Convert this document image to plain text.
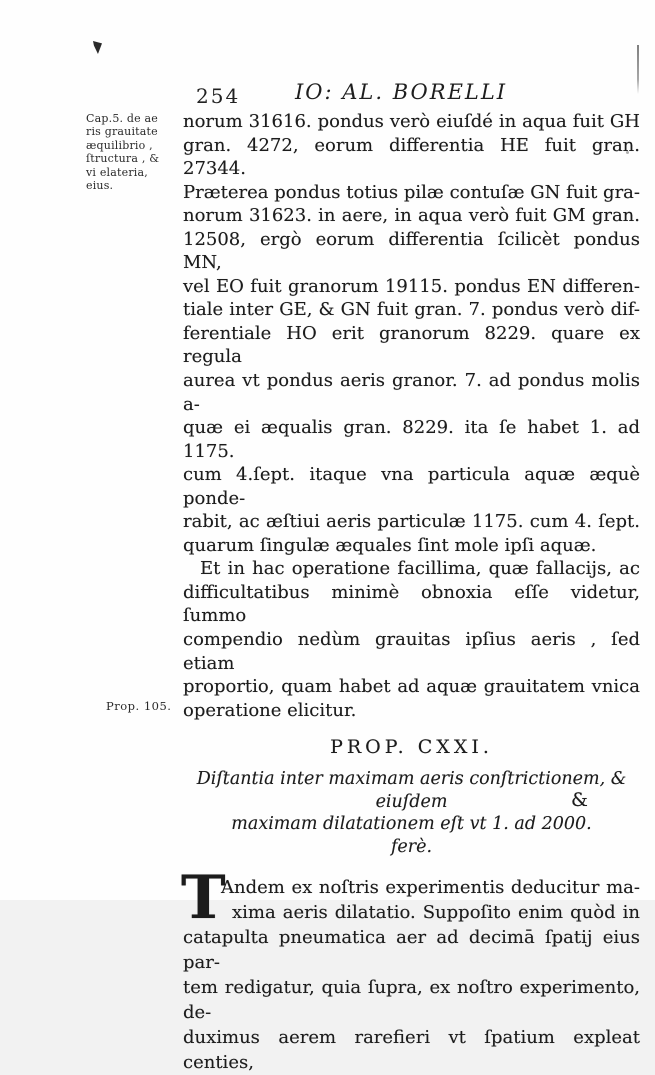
254	IO: AL. BORELLI
Cap.5. de ae
ris grauitate
æquilibrio ,
ſtructura , &
vi elateria,
eius.
Prop. 105.
norum 31616. pondus verò eiuſdé in aqua fuit GH
gran. 4272, eorum differentia HE fuit gran. 27344.
Præterea pondus totius pilæ contuſæ GN fuit gra-
norum 31623. in aere, in aqua verò fuit GM gran.
12508, ergò eorum differentia ſcilicèt pondus MN,
vel EO fuit granorum 19115. pondus EN differen-
tiale inter GE, & GN fuit gran. 7. pondus verò dif-
ferentiale HO erit granorum 8229. quare ex regula
aurea vt pondus aeris granor. 7. ad pondus molis a-
quæ ei æqualis gran. 8229. ita ſe habet 1. ad 1175.
cum 4.ſept. itaque vna particula aquæ æquè ponde-
rabit, ac æſtiui aeris particulæ 1175. cum 4. ſept.
quarum ſingulæ æquales ſint mole ipſi aquæ.
Et in hac operatione facillima, quæ fallacijs, ac
difficultatibus minimè obnoxia eſſe videtur, ſummo
compendio nedùm grauitas ipſius aeris , ſed etiam
proportio, quam habet ad aquæ grauitatem vnica
operatione elicitur.
PROP. CXXI.
Diſtantia inter maximam aeris conſtrictionem, & eiuſdem
maximam dilatationem eſt vt 1. ad 2000.
ferè.
T
Andem ex noſtris experimentis deducitur ma-
xima aeris dilatatio. Suppoſito enim quòd in
catapulta pneumatica aer ad decimā ſpatij eius par-
tem redigatur, quia ſupra, ex noſtro experimento, de-
duximus aerem rarefieri vt ſpatium expleat centies,
&
